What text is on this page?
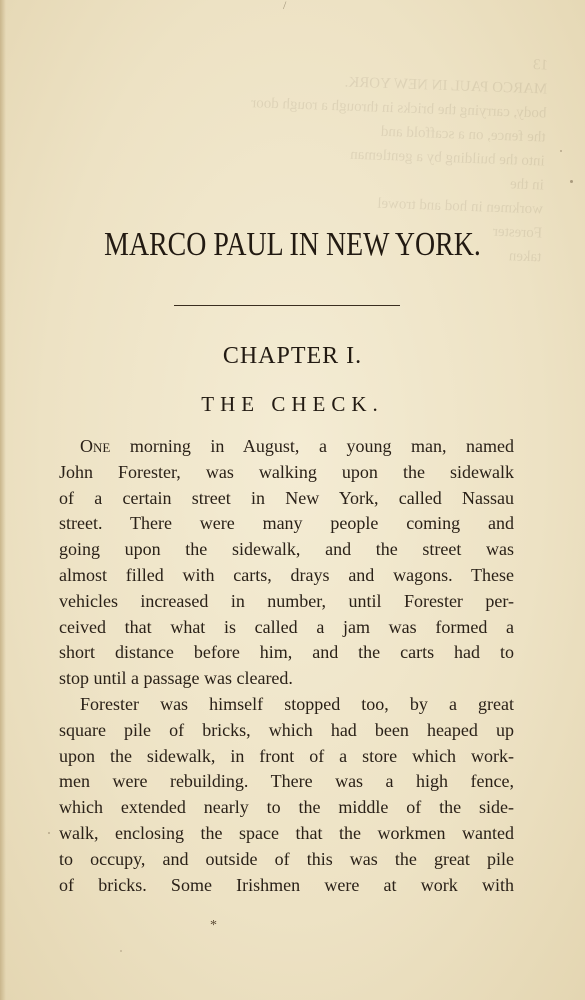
/
13
MARCO PAUL IN NEW YORK.
body, carrying the bricks in through a rough door
the fence, on a scaffold and
into the building by a gentleman
in the
workmen in hod and trowel
Forester
taken
MARCO PAUL IN NEW YORK.
CHAPTER I.
THE CHECK.
One morning in August, a young man, named
John Forester, was walking upon the sidewalk
of a certain street in New York, called Nassau
street. There were many people coming and
going upon the sidewalk, and the street was
almost filled with carts, drays and wagons. These
vehicles increased in number, until Forester per-
ceived that what is called a jam was formed a
short distance before him, and the carts had to
stop until a passage was cleared.
Forester was himself stopped too, by a great
square pile of bricks, which had been heaped up
upon the sidewalk, in front of a store which work-
men were rebuilding. There was a high fence,
which extended nearly to the middle of the side-
walk, enclosing the space that the workmen wanted
to occupy, and outside of this was the great pile
of bricks. Some Irishmen were at work with
*
